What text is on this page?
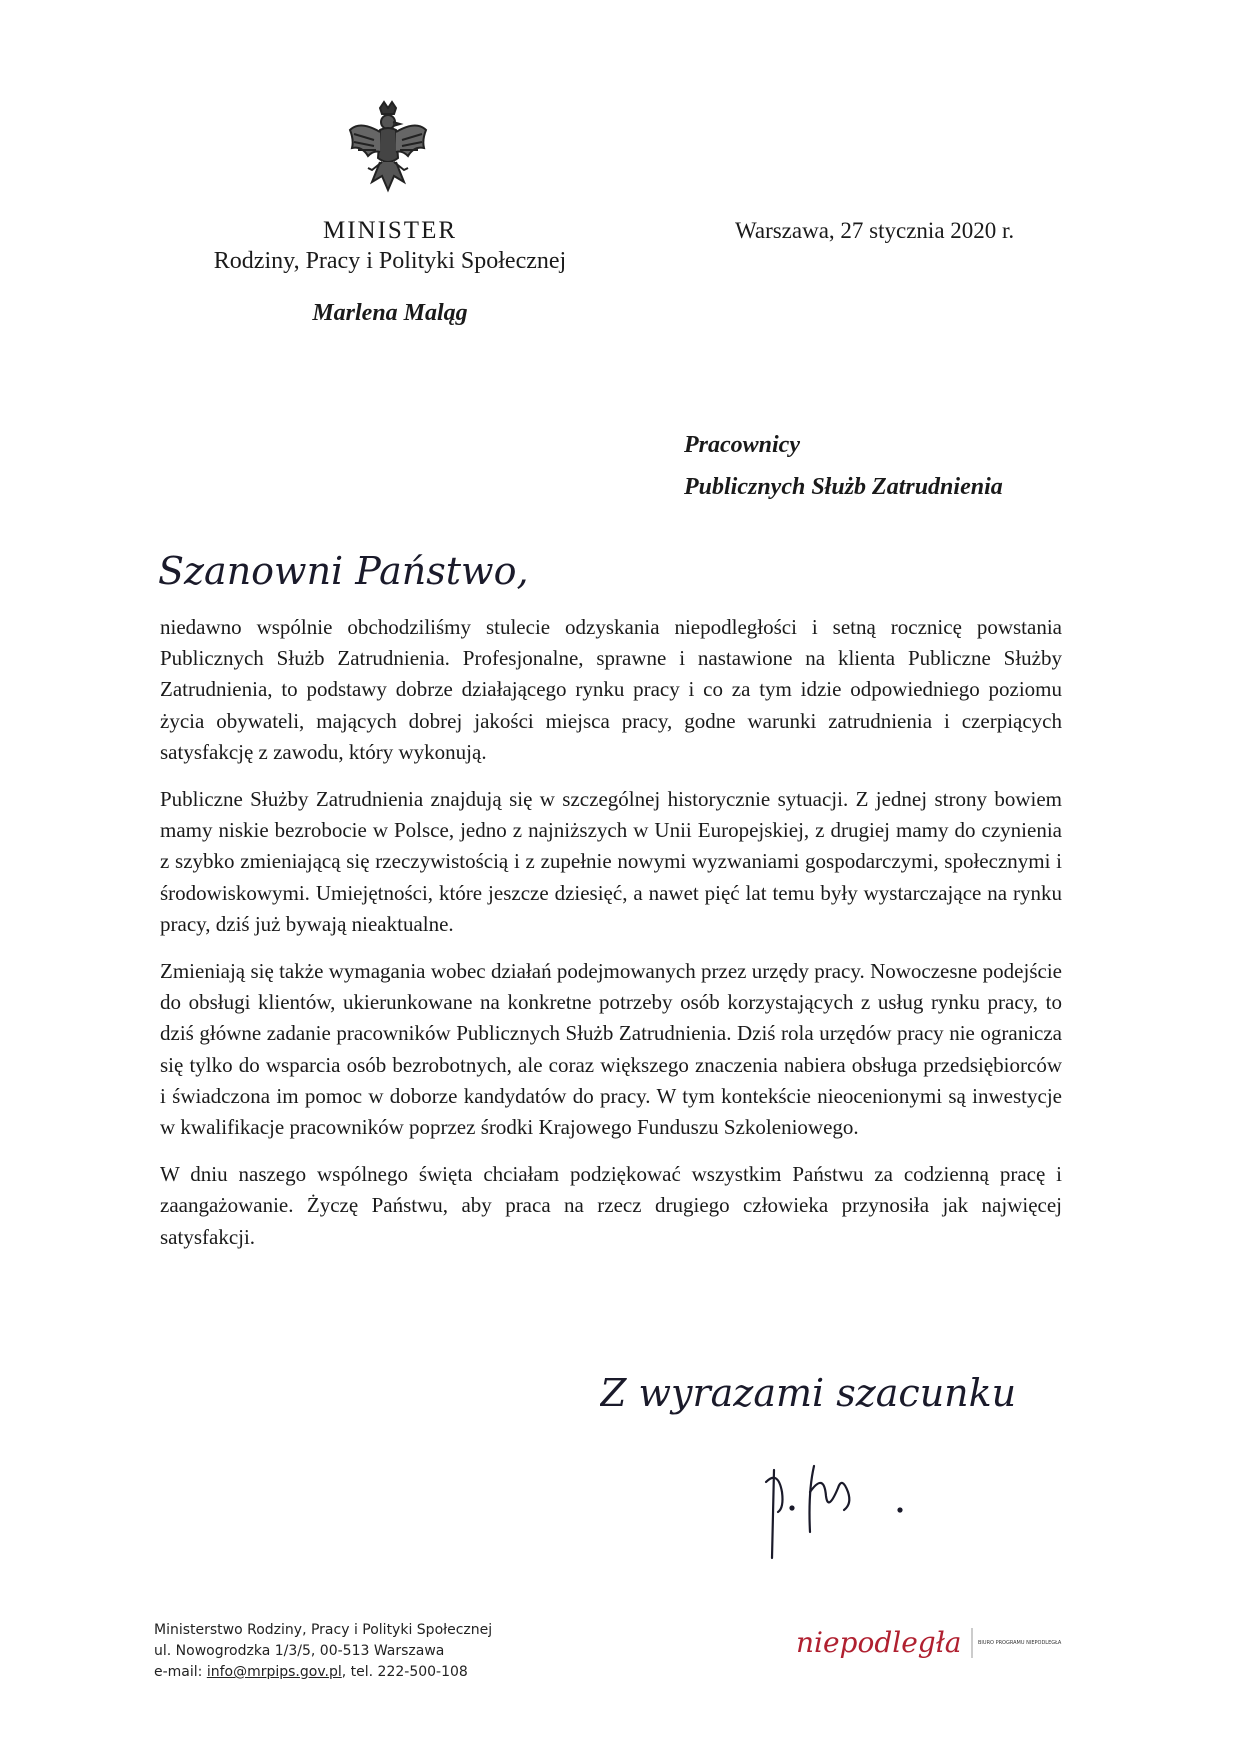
MINISTER
Rodziny, Pracy i Polityki Społecznej
Marlena Maląg
Warszawa, 27 stycznia 2020 r.
Pracownicy
Publicznych Służb Zatrudnienia
Szanowni Państwo,

niedawno wspólnie obchodziliśmy stulecie odzyskania niepodległości i setną rocznicę powstania Publicznych Służb Zatrudnienia. Profesjonalne, sprawne i nastawione na klienta Publiczne Służby Zatrudnienia, to podstawy dobrze działającego rynku pracy i co za tym idzie odpowiedniego poziomu życia obywateli, mających dobrej jakości miejsca pracy, godne warunki zatrudnienia i czerpiących satysfakcję z zawodu, który wykonują.

Publiczne Służby Zatrudnienia znajdują się w szczególnej historycznie sytuacji. Z jednej strony bowiem mamy niskie bezrobocie w Polsce, jedno z najniższych w Unii Europejskiej, z drugiej mamy do czynienia z szybko zmieniającą się rzeczywistością i z zupełnie nowymi wyzwaniami gospodarczymi, społecznymi i środowiskowymi. Umiejętności, które jeszcze dziesięć, a nawet pięć lat temu były wystarczające na rynku pracy, dziś już bywają nieaktualne.

Zmieniają się także wymagania wobec działań podejmowanych przez urzędy pracy. Nowoczesne podejście do obsługi klientów, ukierunkowane na konkretne potrzeby osób korzystających z usług rynku pracy, to dziś główne zadanie pracowników Publicznych Służb Zatrudnienia. Dziś rola urzędów pracy nie ogranicza się tylko do wsparcia osób bezrobotnych, ale coraz większego znaczenia nabiera obsługa przedsiębiorców i świadczona im pomoc w doborze kandydatów do pracy. W tym kontekście nieocenionymi są inwestycje w kwalifikacje pracowników poprzez środki Krajowego Funduszu Szkoleniowego.

W dniu naszego wspólnego święta chciałam podziękować wszystkim Państwu za codzienną pracę i zaangażowanie. Życzę Państwu, aby praca na rzecz drugiego człowieka przynosiła jak najwięcej satysfakcji.

Z wyrazami szacunku
Ministerstwo Rodziny, Pracy i Polityki Społecznej
ul. Nowogrodzka 1/3/5, 00-513 Warszawa
e-mail: info@mrpips.gov.pl, tel. 222-500-108
niepodległa	BIURO PROGRAMU NIEPODLEGŁA
